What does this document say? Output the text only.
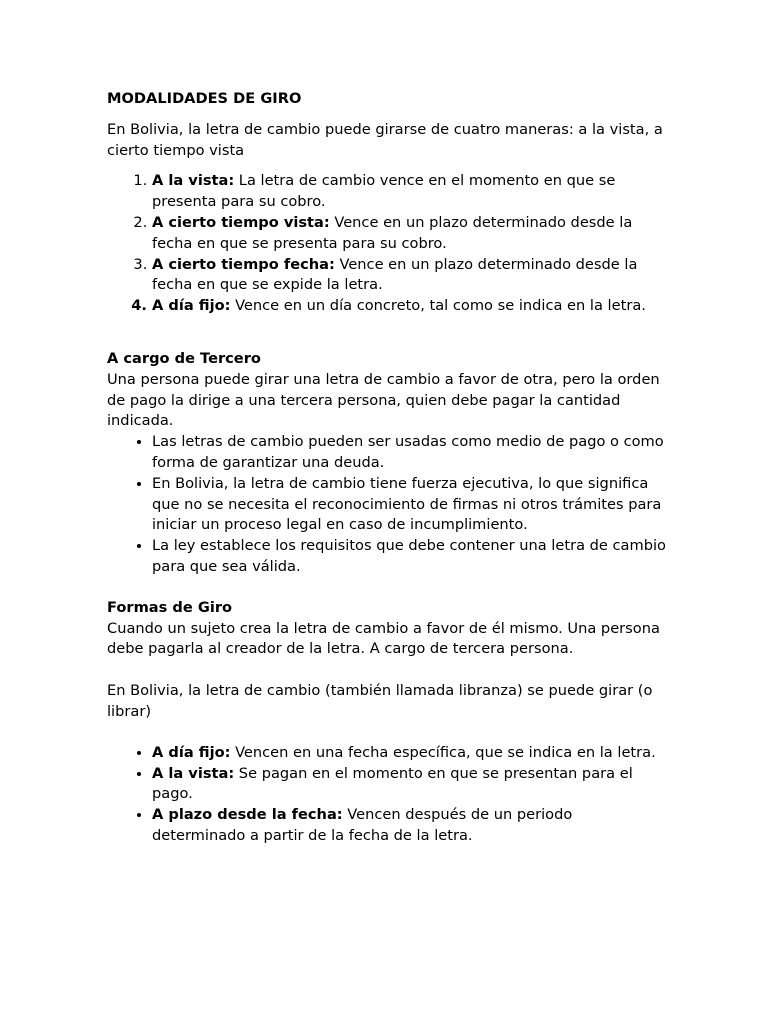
MODALIDADES DE GIRO

En Bolivia, la letra de cambio puede girarse de cuatro maneras: a la vista, a cierto tiempo vista

1. A la vista: La letra de cambio vence en el momento en que se presenta para su cobro.
2. A cierto tiempo vista: Vence en un plazo determinado desde la fecha en que se presenta para su cobro.
3. A cierto tiempo fecha: Vence en un plazo determinado desde la fecha en que se expide la letra.
4. A día fijo: Vence en un día concreto, tal como se indica en la letra.

A cargo de Tercero

Una persona puede girar una letra de cambio a favor de otra, pero la orden de pago la dirige a una tercera persona, quien debe pagar la cantidad indicada.

• Las letras de cambio pueden ser usadas como medio de pago o como forma de garantizar una deuda.
• En Bolivia, la letra de cambio tiene fuerza ejecutiva, lo que significa que no se necesita el reconocimiento de firmas ni otros trámites para iniciar un proceso legal en caso de incumplimiento.
• La ley establece los requisitos que debe contener una letra de cambio para que sea válida.

Formas de Giro

Cuando un sujeto crea la letra de cambio a favor de él mismo. Una persona debe pagarla al creador de la letra. A cargo de tercera persona.

En Bolivia, la letra de cambio (también llamada libranza) se puede girar (o librar)

• A día fijo: Vencen en una fecha específica, que se indica en la letra.
• A la vista: Se pagan en el momento en que se presentan para el pago.
• A plazo desde la fecha: Vencen después de un periodo determinado a partir de la fecha de la letra.
